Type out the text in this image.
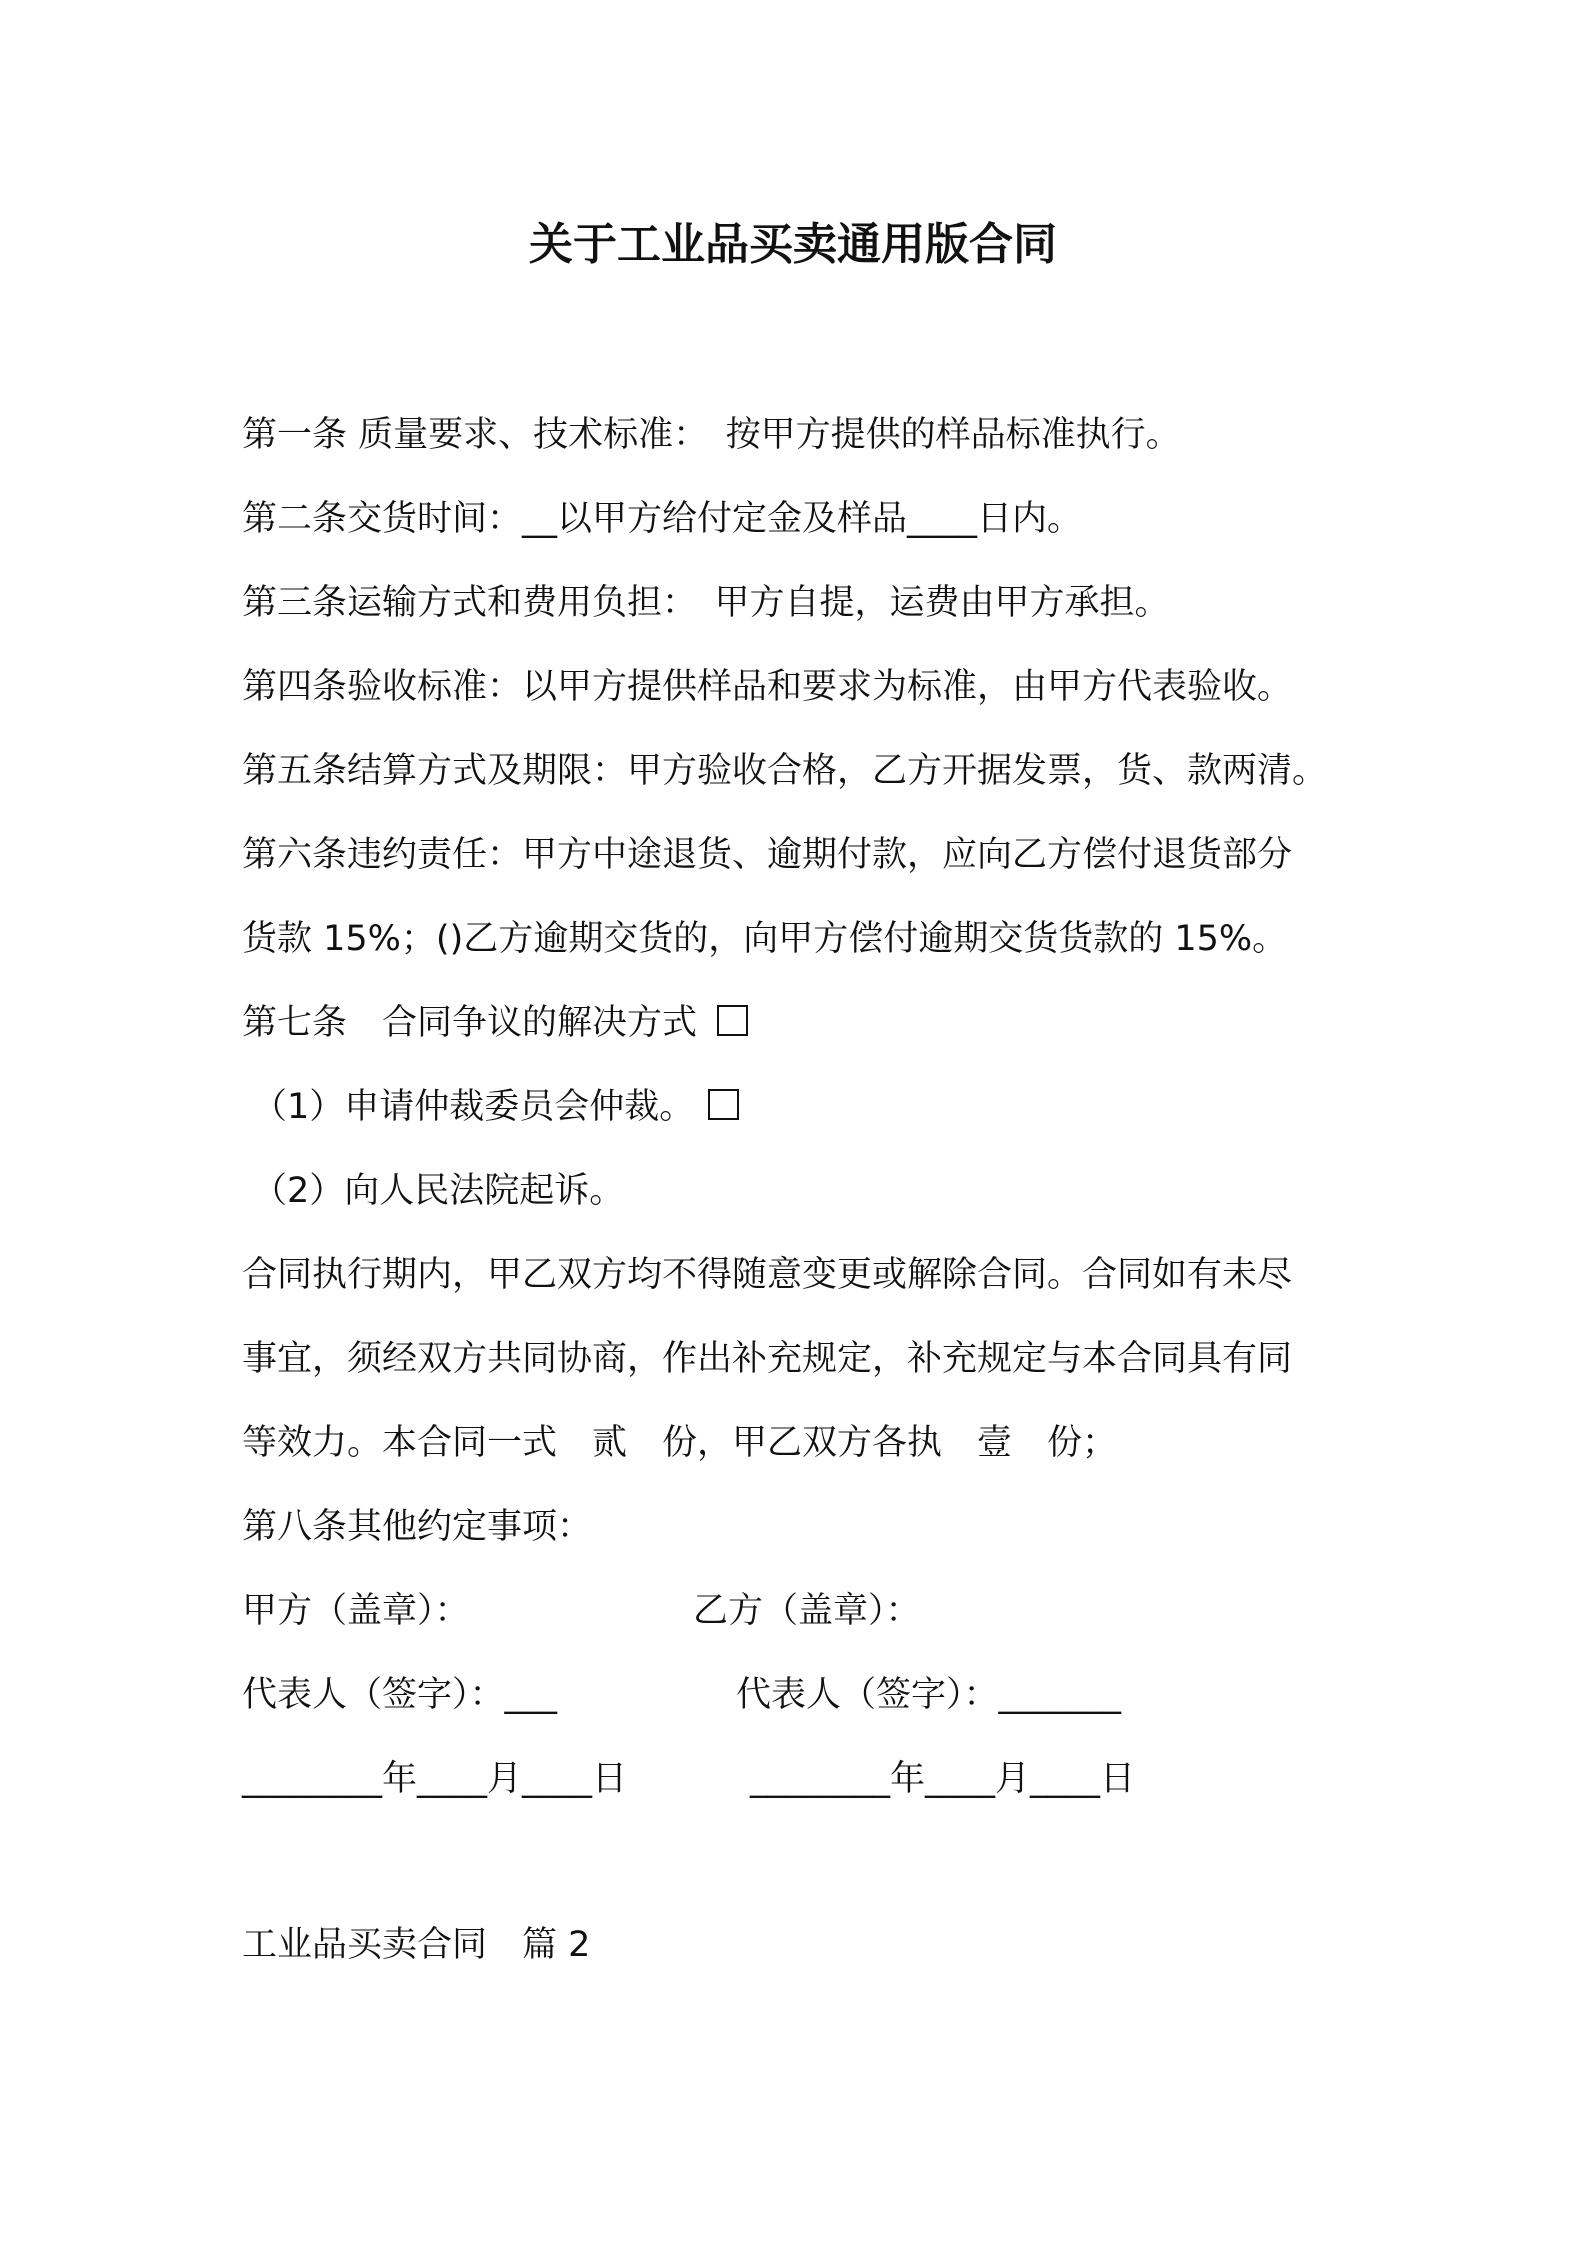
关于工业品买卖通用版合同
第一条 质量要求、技术标准：　按甲方提供的样品标准执行。
第二条交货时间：__以甲方给付定金及样品____日内。
第三条运输方式和费用负担：　甲方自提，运费由甲方承担。
第四条验收标准：以甲方提供样品和要求为标准，由甲方代表验收。
第五条结算方式及期限：甲方验收合格，乙方开据发票，货、款两清。
第六条违约责任：甲方中途退货、逾期付款，应向乙方偿付退货部分
货款 15%；()乙方逾期交货的，向甲方偿付逾期交货货款的 15%。
第七条　合同争议的解决方式
（1）申请仲裁委员会仲裁。
（2）向人民法院起诉。
合同执行期内，甲乙双方均不得随意变更或解除合同。合同如有未尽
事宜，须经双方共同协商，作出补充规定，补充规定与本合同具有同
等效力。本合同一式　贰　份，甲乙双方各执　壹　份；
第八条其他约定事项：
甲方（盖章）：	乙方（盖章）：
代表人（签字）：___	代表人（签字）：_______
________年____月____日	________年____月____日
工业品买卖合同　篇 2
